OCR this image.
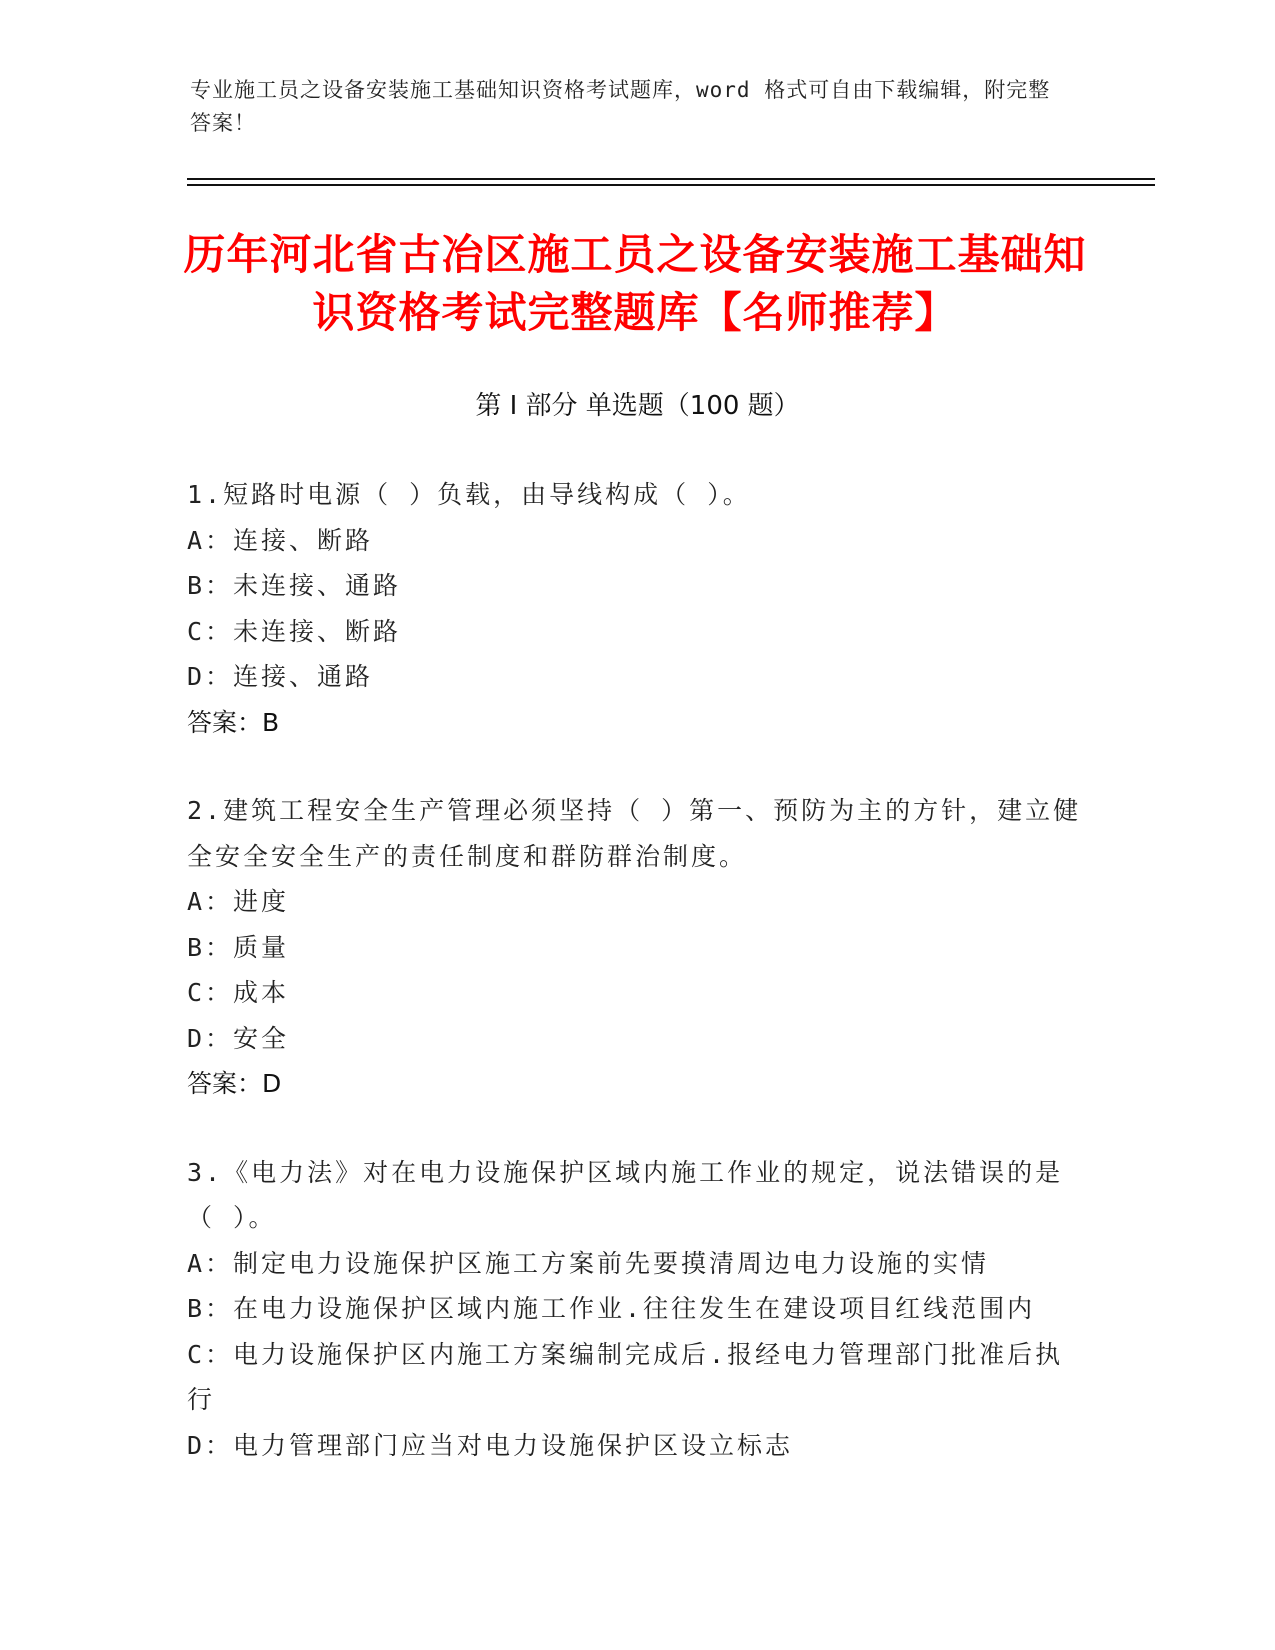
专业施工员之设备安装施工基础知识资格考试题库，word 格式可自由下载编辑，附完整答案！
历年河北省古冶区施工员之设备安装施工基础知识资格考试完整题库【名师推荐】
第 I 部分 单选题（100 题）
1.短路时电源（ ）负载，由导线构成（ ）。
A：连接、断路
B：未连接、通路
C：未连接、断路
D：连接、通路
答案：B
2.建筑工程安全生产管理必须坚持（ ）第一、预防为主的方针，建立健全安全安全生产的责任制度和群防群治制度。
A：进度
B：质量
C：成本
D：安全
答案：D
3.《电力法》对在电力设施保护区域内施工作业的规定，说法错误的是（ ）。
A：制定电力设施保护区施工方案前先要摸清周边电力设施的实情
B：在电力设施保护区域内施工作业.往往发生在建设项目红线范围内
C：电力设施保护区内施工方案编制完成后.报经电力管理部门批准后执行
D：电力管理部门应当对电力设施保护区设立标志
